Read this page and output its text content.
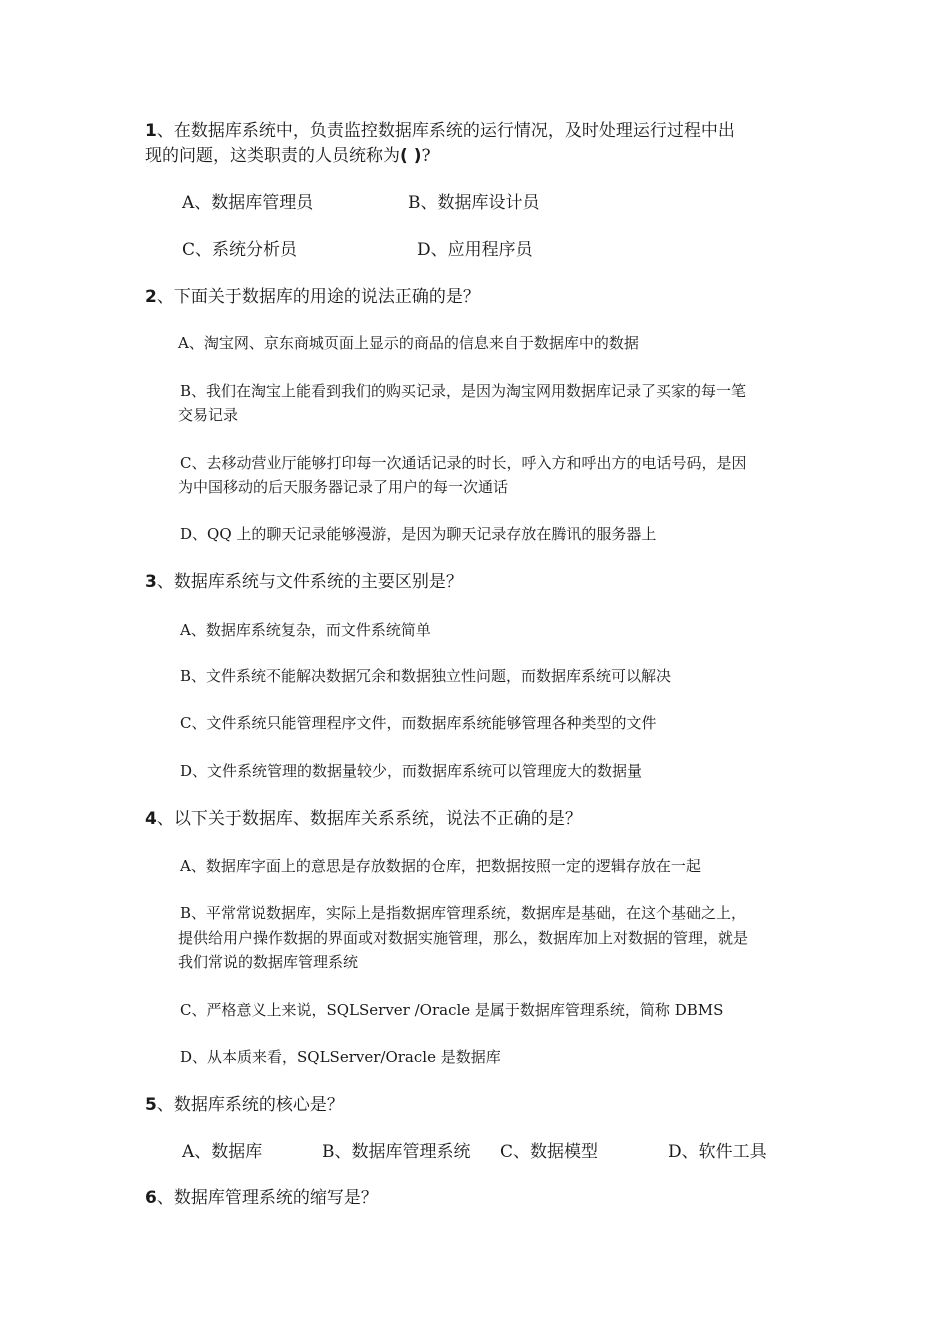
1、在数据库系统中，负责监控数据库系统的运行情况，及时处理运行过程中出
现的问题，这类职责的人员统称为( )?
A、数据库管理员	B、数据库设计员
C、系统分析员	D、应用程序员
2、下面关于数据库的用途的说法正确的是？
A、淘宝网、京东商城页面上显示的商品的信息来自于数据库中的数据
B、我们在淘宝上能看到我们的购买记录，是因为淘宝网用数据库记录了买家的每一笔
交易记录
C、去移动营业厅能够打印每一次通话记录的时长，呼入方和呼出方的电话号码，是因
为中国移动的后天服务器记录了用户的每一次通话
D、QQ 上的聊天记录能够漫游，是因为聊天记录存放在腾讯的服务器上
3、数据库系统与文件系统的主要区别是？
A、数据库系统复杂，而文件系统简单
B、文件系统不能解决数据冗余和数据独立性问题，而数据库系统可以解决
C、文件系统只能管理程序文件，而数据库系统能够管理各种类型的文件
D、文件系统管理的数据量较少，而数据库系统可以管理庞大的数据量
4、以下关于数据库、数据库关系系统，说法不正确的是？
A、数据库字面上的意思是存放数据的仓库，把数据按照一定的逻辑存放在一起
B、平常常说数据库，实际上是指数据库管理系统，数据库是基础，在这个基础之上，
提供给用户操作数据的界面或对数据实施管理，那么，数据库加上对数据的管理，就是
我们常说的数据库管理系统
C、严格意义上来说，SQLServer /Oracle 是属于数据库管理系统，简称 DBMS
D、从本质来看，SQLServer/Oracle 是数据库
5、数据库系统的核心是？
A、数据库	B、数据库管理系统 C、数据模型	D、软件工具
6、数据库管理系统的缩写是？
